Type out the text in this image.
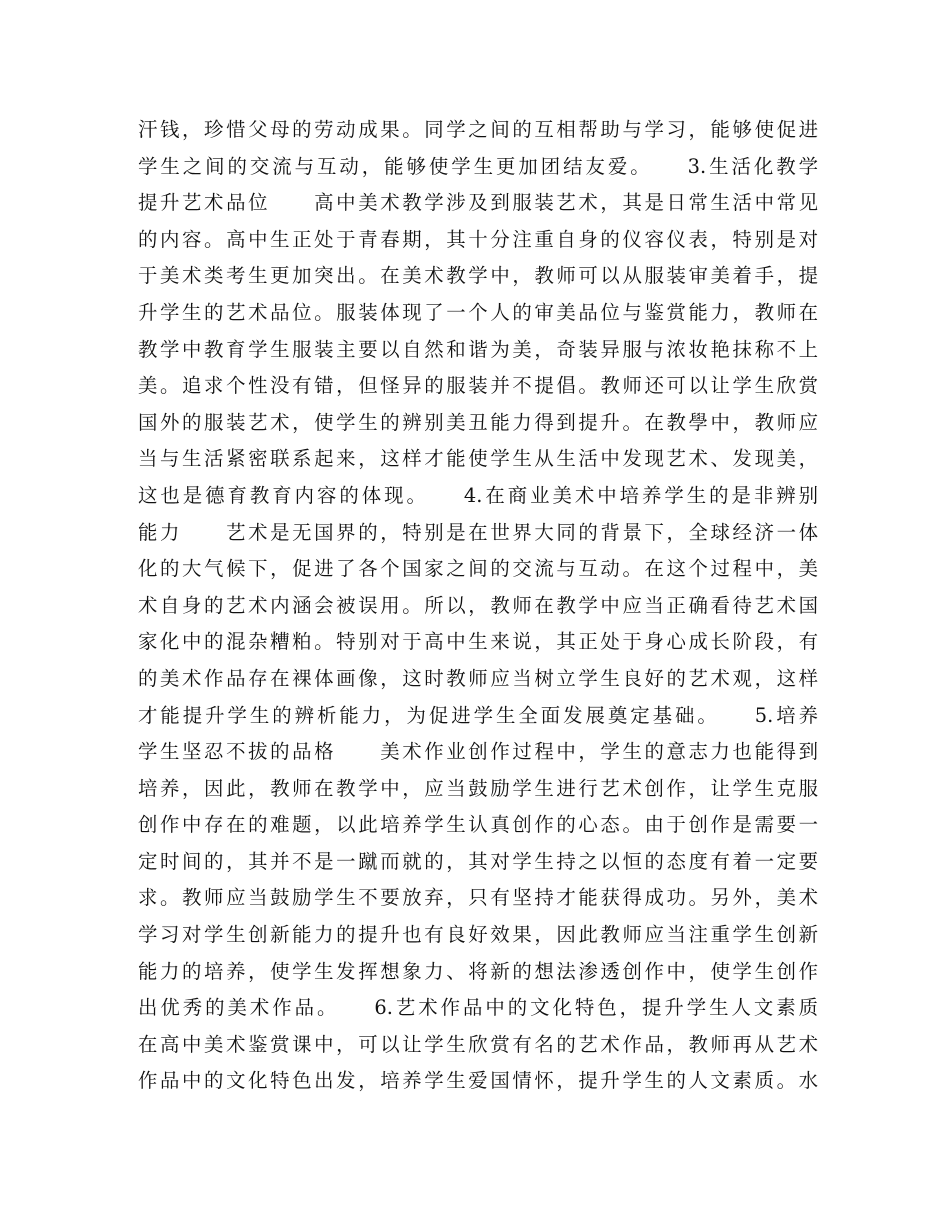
汗钱，珍惜父母的劳动成果。同学之间的互相帮助与学习，能够使促进
学生之间的交流与互动，能够使学生更加团结友爱。　　3.生活化教学
提升艺术品位　　高中美术教学涉及到服装艺术，其是日常生活中常见
的内容。高中生正处于青春期，其十分注重自身的仪容仪表，特别是对
于美术类考生更加突出。在美术教学中，教师可以从服装审美着手，提
升学生的艺术品位。服装体现了一个人的审美品位与鉴赏能力，教师在
教学中教育学生服装主要以自然和谐为美，奇装异服与浓妆艳抹称不上
美。追求个性没有错，但怪异的服装并不提倡。教师还可以让学生欣赏
国外的服装艺术，使学生的辨别美丑能力得到提升。在教學中，教师应
当与生活紧密联系起来，这样才能使学生从生活中发现艺术、发现美，
这也是德育教育内容的体现。　　4.在商业美术中培养学生的是非辨别
能力　　艺术是无国界的，特别是在世界大同的背景下，全球经济一体
化的大气候下，促进了各个国家之间的交流与互动。在这个过程中，美
术自身的艺术内涵会被误用。所以，教师在教学中应当正确看待艺术国
家化中的混杂糟粕。特别对于高中生来说，其正处于身心成长阶段，有
的美术作品存在裸体画像，这时教师应当树立学生良好的艺术观，这样
才能提升学生的辨析能力，为促进学生全面发展奠定基础。　　5.培养
学生坚忍不拔的品格　　美术作业创作过程中，学生的意志力也能得到
培养，因此，教师在教学中，应当鼓励学生进行艺术创作，让学生克服
创作中存在的难题，以此培养学生认真创作的心态。由于创作是需要一
定时间的，其并不是一蹴而就的，其对学生持之以恒的态度有着一定要
求。教师应当鼓励学生不要放弃，只有坚持才能获得成功。另外，美术
学习对学生创新能力的提升也有良好效果，因此教师应当注重学生创新
能力的培养，使学生发挥想象力、将新的想法渗透创作中，使学生创作
出优秀的美术作品。　　6.艺术作品中的文化特色，提升学生人文素质
在高中美术鉴赏课中，可以让学生欣赏有名的艺术作品，教师再从艺术
作品中的文化特色出发，培养学生爱国情怀，提升学生的人文素质。水
